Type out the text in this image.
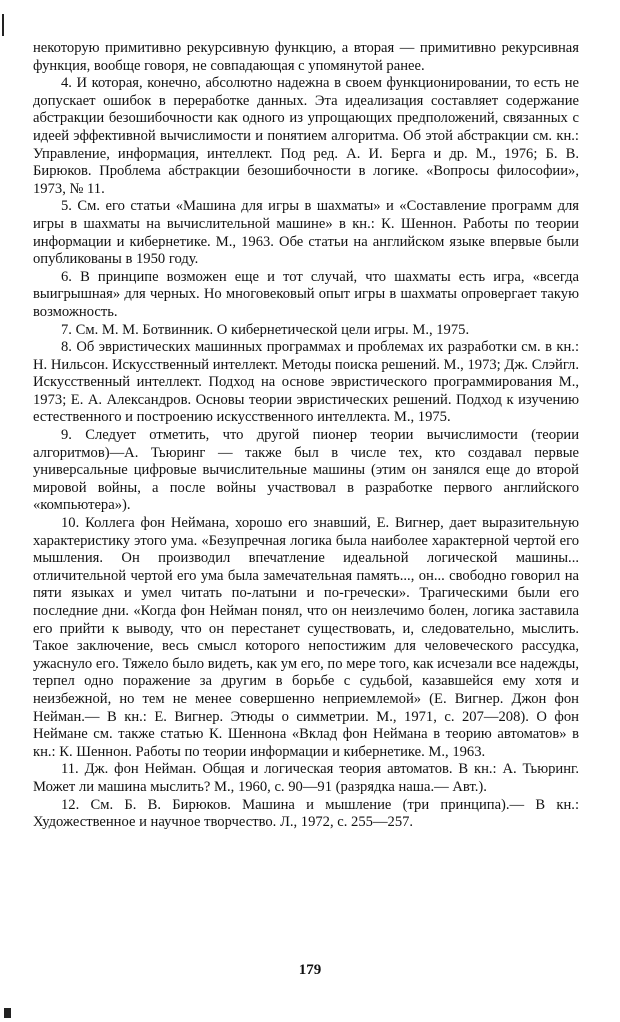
некоторую примитивно рекурсивную функцию, а вторая — примитивно рекурсивная функция, вообще говоря, не совпадающая с упомянутой ранее.

4. И которая, конечно, абсолютно надежна в своем функционировании, то есть не допускает ошибок в переработке данных. Эта идеализация составляет содержание абстракции безошибочности как одного из упрощающих предположений, связанных с идеей эффективной вычислимости и понятием алгоритма. Об этой абстракции см. кн.: Управление, информация, интеллект. Под ред. А. И. Берга и др. М., 1976; Б. В. Бирюков. Проблема абстракции безошибочности в логике. «Вопросы философии», 1973, № 11.

5. См. его статьи «Машина для игры в шахматы» и «Составление программ для игры в шахматы на вычислительной машине» в кн.: К. Шеннон. Работы по теории информации и кибернетике. М., 1963. Обе статьи на английском языке впервые были опубликованы в 1950 году.

6. В принципе возможен еще и тот случай, что шахматы есть игра, «всегда выигрышная» для черных. Но многовековый опыт игры в шахматы опровергает такую возможность.

7. См. М. М. Ботвинник. О кибернетической цели игры. М., 1975.

8. Об эвристических машинных программах и проблемах их разработки см. в кн.: Н. Нильсон. Искусственный интеллект. Методы поиска решений. М., 1973; Дж. Слэйгл. Искусственный интеллект. Подход на основе эвристического программирования М., 1973; Е. А. Александров. Основы теории эвристических решений. Подход к изучению естественного и построению искусственного интеллекта. М., 1975.

9. Следует отметить, что другой пионер теории вычислимости (теории алгоритмов)—А. Тьюринг — также был в числе тех, кто создавал первые универсальные цифровые вычислительные машины (этим он занялся еще до второй мировой войны, а после войны участвовал в разработке первого английского «компьютера»).

10. Коллега фон Неймана, хорошо его знавший, Е. Вигнер, дает выразительную характеристику этого ума. «Безупречная логика была наиболее характерной чертой его мышления. Он производил впечатление идеальной логической машины... отличительной чертой его ума была замечательная память..., он... свободно говорил на пяти языках и умел читать по-латыни и по-гречески». Трагическими были его последние дни. «Когда фон Нейман понял, что он неизлечимо болен, логика заставила его прийти к выводу, что он перестанет существовать, и, следовательно, мыслить. Такое заключение, весь смысл которого непостижим для человеческого рассудка, ужаснуло его. Тяжело было видеть, как ум его, по мере того, как исчезали все надежды, терпел одно поражение за другим в борьбе с судьбой, казавшейся ему хотя и неизбежной, но тем не менее совершенно неприемлемой» (Е. Вигнер. Джон фон Нейман.— В кн.: Е. Вигнер. Этюды о симметрии. М., 1971, с. 207—208). О фон Неймане см. также статью К. Шеннона «Вклад фон Неймана в теорию автоматов» в кн.: К. Шеннон. Работы по теории информации и кибернетике. М., 1963.

11. Дж. фон Нейман. Общая и логическая теория автоматов. В кн.: А. Тьюринг. Может ли машина мыслить? М., 1960, с. 90—91 (разрядка наша.— Авт.).

12. См. Б. В. Бирюков. Машина и мышление (три принципа).— В кн.: Художественное и научное творчество. Л., 1972, с. 255—257.

179
